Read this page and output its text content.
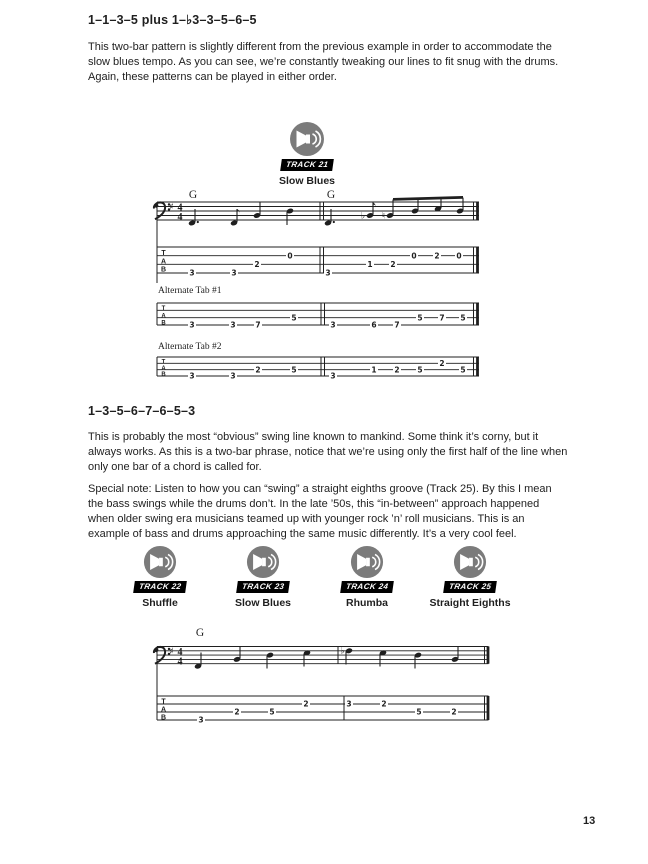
1–1–3–5 plus 1–♭3–3–5–6–5
This two-bar pattern is slightly different from the previous example in order to accommodate the slow blues tempo. As you can see, we’re constantly tweaking our lines to fit snug with the drums. Again, these patterns can be played in either order.
TRACK 21
Slow Blues
G	G
♯ 4
4	♭ ♮
T
A
B	3	3
2
0
3
1 2
0 2 0
Alternate Tab #1
T
A
B	3	3	7
5
3	6 7
5 7 5
Alternate Tab #2
T
A
B	3	3
2	5
3
1 2 5
2
5
1–3–5–6–7–6–5–3
This is probably the most “obvious” swing line known to mankind. Some think it’s corny, but it always works. As this is a two-bar phrase, notice that we’re using only the first half of the line when only one bar of a chord is called for.
Special note: Listen to how you can “swing” a straight eighths groove (Track 25). By this I mean the bass swings while the drums don’t. In the late ’50s, this “in-between” approach happened when older swing era musicians teamed up with younger rock ’n’ roll musicians. This is an example of bass and drums approaching the same music differently. It’s a very cool feel.
TRACK 22
Shuffle
TRACK 23
Slow Blues
TRACK 24
Rhumba
TRACK 25
Straight Eighths
G
♯ 4
4
♭
T
A
B	3
2	5
2	3	2
5	2
13
